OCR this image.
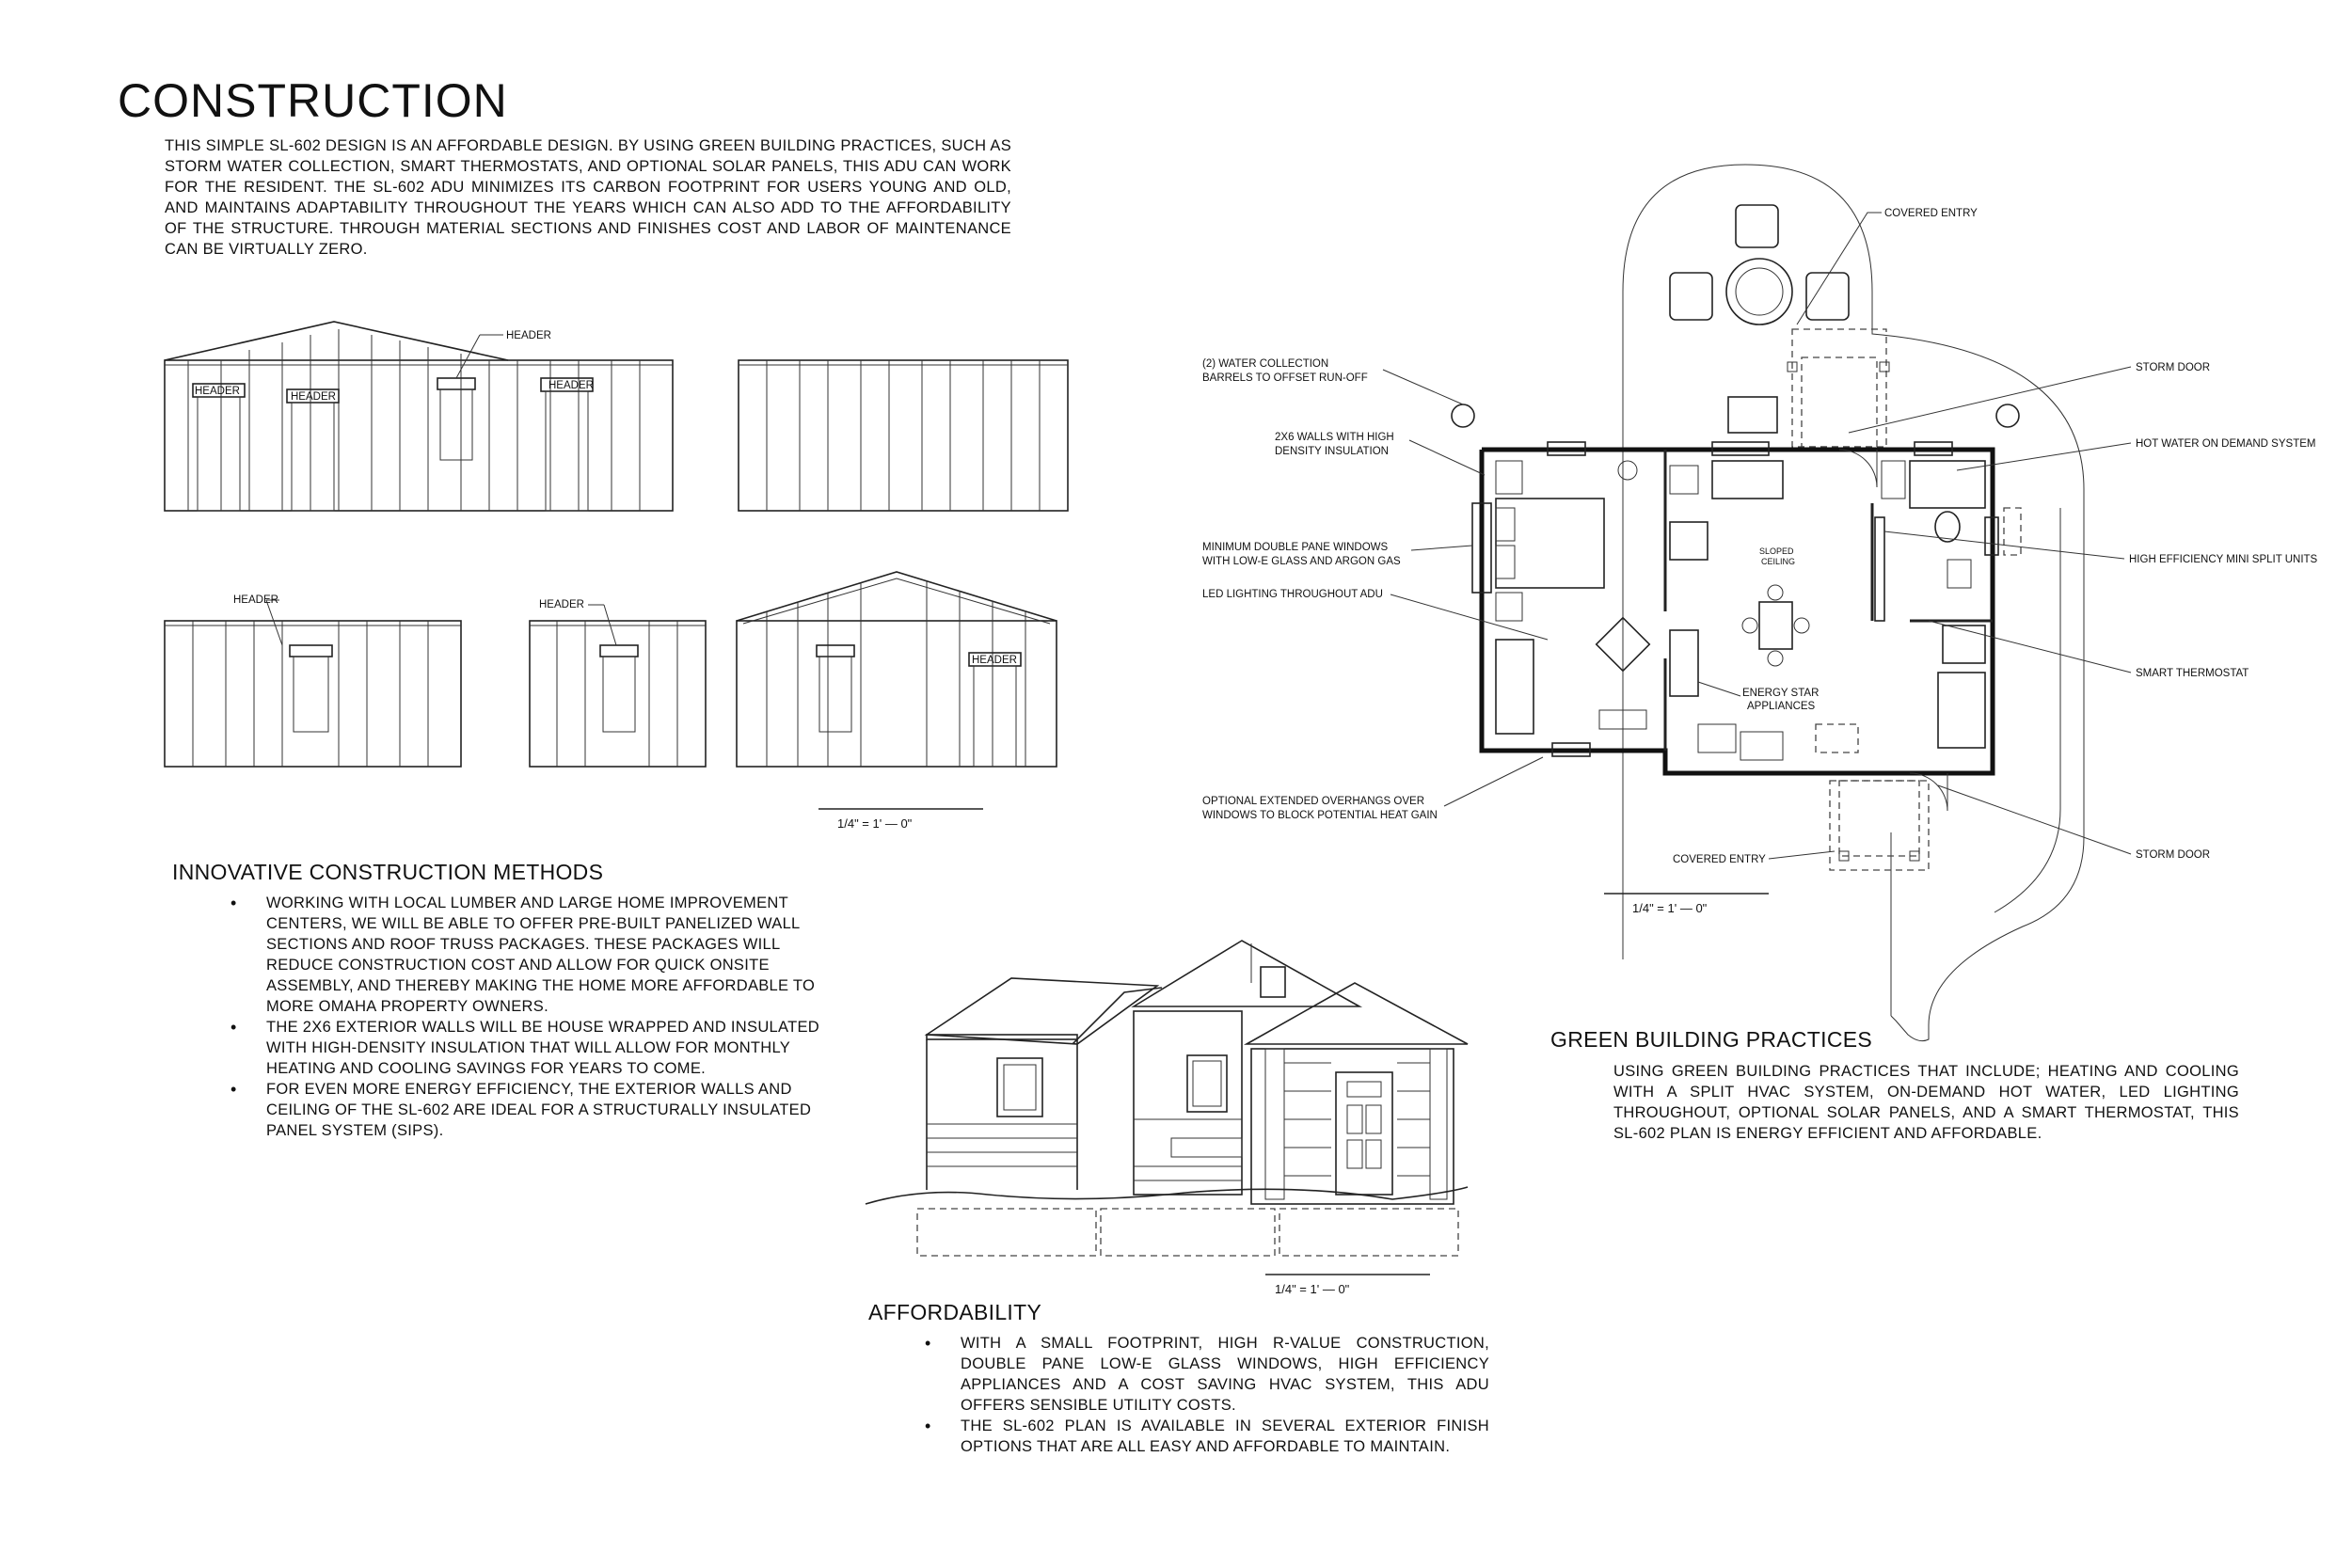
CONSTRUCTION

THIS SIMPLE SL-602 DESIGN IS AN AFFORDABLE DESIGN. BY USING GREEN BUILDING PRACTICES, SUCH AS STORM WATER COLLECTION, SMART THERMOSTATS, AND OPTIONAL SOLAR PANELS, THIS ADU CAN WORK FOR THE RESIDENT. THE SL-602 ADU MINIMIZES ITS CARBON FOOTPRINT FOR USERS YOUNG AND OLD, AND MAINTAINS ADAPTABILITY THROUGHOUT THE YEARS WHICH CAN ALSO ADD TO THE AFFORDABILITY OF THE STRUCTURE. THROUGH MATERIAL SECTIONS AND FINISHES COST AND LABOR OF MAINTENANCE CAN BE VIRTUALLY ZERO.

HEADER	HEADER
HEADER
HEADER
HEADER	HEADER
HEADER
1/4" = 1' — 0"
SLOPED
CEILING
ENERGY STAR
APPLIANCES
(2) WATER COLLECTION
BARRELS TO OFFSET RUN-OFF
2X6 WALLS WITH HIGH
DENSITY INSULATION
MINIMUM DOUBLE PANE WINDOWS
WITH LOW-E GLASS AND ARGON GAS
LED LIGHTING THROUGHOUT ADU
OPTIONAL EXTENDED OVERHANGS OVER
WINDOWS TO BLOCK POTENTIAL HEAT GAIN
COVERED ENTRY
COVERED ENTRY
STORM DOOR
HOT WATER ON DEMAND SYSTEM
HIGH EFFICIENCY MINI SPLIT UNITS
SMART THERMOSTAT
STORM DOOR
1/4" = 1' — 0"
1/4" = 1' — 0"
INNOVATIVE CONSTRUCTION METHODS
• WORKING WITH LOCAL LUMBER AND LARGE HOME IMPROVEMENT CENTERS, WE WILL BE ABLE TO OFFER PRE-BUILT PANELIZED WALL SECTIONS AND ROOF TRUSS PACKAGES. THESE PACKAGES WILL REDUCE CONSTRUCTION COST AND ALLOW FOR QUICK ONSITE ASSEMBLY, AND THEREBY MAKING THE HOME MORE AFFORDABLE TO MORE OMAHA PROPERTY OWNERS.
• THE 2X6 EXTERIOR WALLS WILL BE HOUSE WRAPPED AND INSULATED WITH HIGH-DENSITY INSULATION THAT WILL ALLOW FOR MONTHLY HEATING AND COOLING SAVINGS FOR YEARS TO COME.
• FOR EVEN MORE ENERGY EFFICIENCY, THE EXTERIOR WALLS AND CEILING OF THE SL-602 ARE IDEAL FOR A STRUCTURALLY INSULATED PANEL SYSTEM (SIPS).
AFFORDABILITY
• WITH A SMALL FOOTPRINT, HIGH R-VALUE CONSTRUCTION, DOUBLE PANE LOW-E GLASS WINDOWS, HIGH EFFICIENCY APPLIANCES AND A COST SAVING HVAC SYSTEM, THIS ADU OFFERS SENSIBLE UTILITY COSTS.
• THE SL-602 PLAN IS AVAILABLE IN SEVERAL EXTERIOR FINISH OPTIONS THAT ARE ALL EASY AND AFFORDABLE TO MAINTAIN.
GREEN BUILDING PRACTICES

USING GREEN BUILDING PRACTICES THAT INCLUDE; HEATING AND COOLING WITH A SPLIT HVAC SYSTEM, ON-DEMAND HOT WATER, LED LIGHTING THROUGHOUT, OPTIONAL SOLAR PANELS, AND A SMART THERMOSTAT, THIS SL-602 PLAN IS ENERGY EFFICIENT AND AFFORDABLE.
